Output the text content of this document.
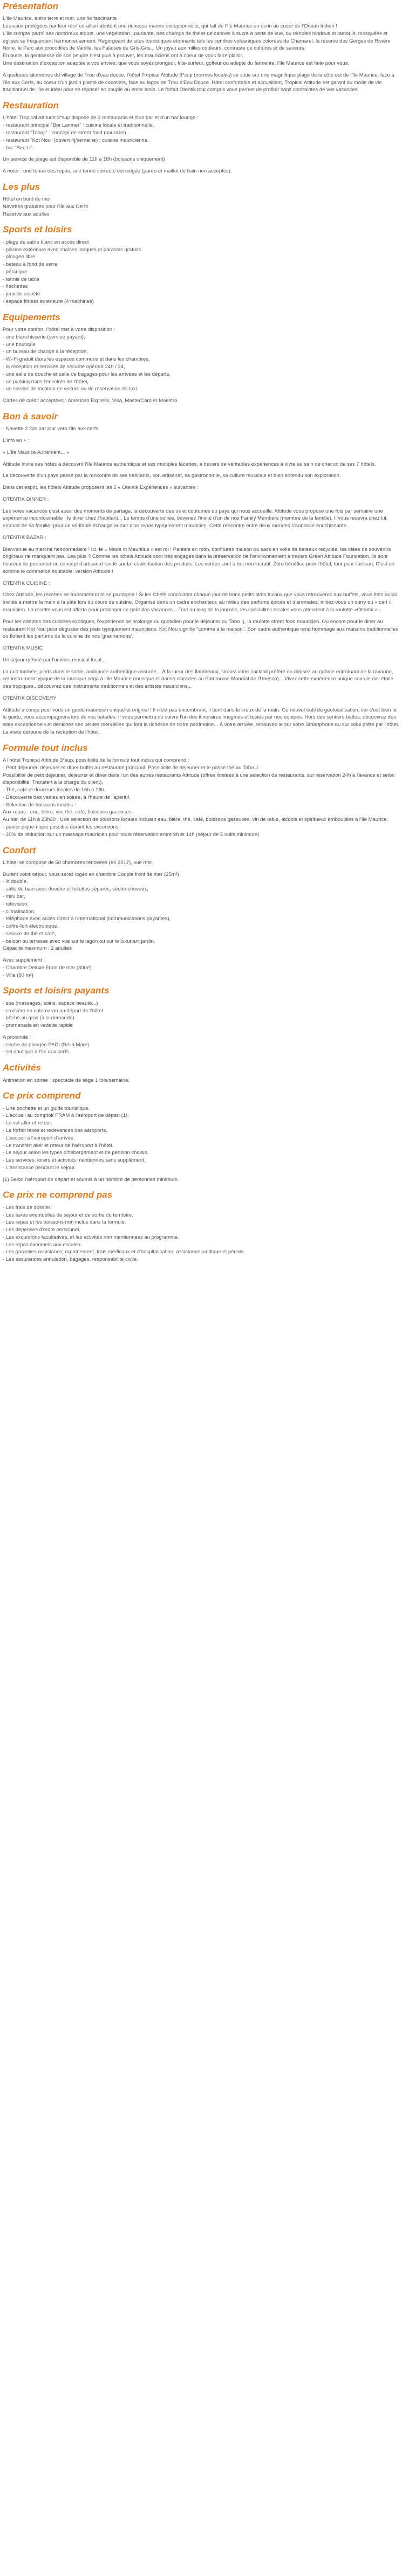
Présentation

L'île Maurice, entre terre et mer, une île fascinante !
Les eaux protégées par leur récif corallien abritent une richesse marine exceptionnelle, qui fait de l'île Maurice un écrin au coeur de l'Océan Indien !
L'île compte parmi ses nombreux atouts, une végétation luxuriante, des champs de thé et de cannes à sucre à perte de vue, ou temples hindous et tamouls, mosquées et églises se fréquentent harmonieusement. Regorgeant de sites touristiques étonnants tels les cendres volcaniques colorées de Chamarel, la réserve des Gorges de Rivière Noire, le Parc aux crocodiles de Vanille, les Falaises de Gris-Gris... Un joyau aux milles couleurs, contraste de cultures et de saveurs.
En outre, la gentillesse de son peuple n'est plus à prouver, les mauriciens ont à coeur de vous faire plaisir.
Une destination d'exception adaptée à vos envies; que vous soyez plongeur, kite-surfeur, golfeur ou adepte du farniente, l'île Maurice est faite pour vous.

A quelques kilomètres du village de Trou d'eau douce, l'hôtel Tropical Attitude 3*sup (normes locales) se situe sur une magnifique plage de la côte est de l'île Maurice, face à l'île aux Cerfs, au coeur d'un jardin planté de cocotiers, face au lagon de Trou d'Eau Douce. Hôtel confortable et accueillant, Tropical Attitude est garant du mode de vie traditionnel de l'île et idéal pour se reposer en couple ou entre amis. Le forfait Otentik tout compris vous permet de profiter sans contraintes de vos vacances.

Restauration

L'hôtel Tropical Attitude 3*sup dispose de 3 restaurants et d'un bar et d'un bar lounge :
- restaurant principal "Bor Lanmer" : cuisine locale et traditionnelle.
- restaurant "Tabaji" : concept de street food mauricien.
- restaurant "Kot Nou" (ouvert 4j/semaine) : cuisine mauricienne.
- bar "Seo U".

Un service de plage est disponible de 11h à 16h (boissons uniquement)

A noter : une tenue des repas, une tenue correcte est exigée (paréo et maillot de bain non acceptés).

Les plus

Hôtel en bord de mer
Navettes gratuites pour l'île aux Cerfs
Réservé aux adultes

Sports et loisirs

- plage de sable blanc en accès direct
- piscine extérieure avec chaises longues et parasols gratuits
- plongée libre
- bateau à fond de verre
- pétanque
- tennis de table
- fléchettes
- jeux de société
- espace fitness extérieure (4 machines)

Equipements

Pour votre confort, l'hôtel met à votre disposition :
- une blanchisserie (service payant),
- une boutique
- un bureau de change à la réception,
- Wi-Fi gratuit dans les espaces communs et dans les chambres,
- la réception et services de sécurité opérant 24h / 24,
- une salle de douche et salle de bagages pour les arrivées et les départs,
- un parking dans l'enceinte de l'hôtel,
- un service de location de voiture ou de réservation de taxi.

Cartes de crédit acceptées : American Express, Visa, MasterCard et Maestro

Bon à savoir

- Navette 2 fois par jour vers l'île aux cerfs.

L'info en + :

« L'île Maurice Autrement... »

Attitude invite ses hôtes à découvrir l'île Maurice authentique et ses multiples facettes, à travers de véritables expériences à vivre au sein de chacun de ses 7 hôtels.

La découverte d'un pays passe par la rencontre de ses habitants, son artisanat, sa gastronomie, sa culture musicale et bien entendu son exploration.

Dans cet esprit, les hôtels Attitude proposent les 5 « Otentik Experiences » suivantes :

OTENTIK DINNER :

Les voies vacances c'est aussi des moments de partage, la découverte des us et coutumes du pays qui nous accueille. Attitude vous propose une fois par semaine une expérience incontournable : le diner chez l'habitant... Le temps d'une soirée, devenez l'invité d'un de nos Family Members (membre de la famille). Il vous recevra chez lui, entouré de sa famille, pour un véritable échange autour d'un repas typiquement mauricien. Cette rencontre entre deux mondes s'annonce enrichissante...

OTENTIK BAZAR :

Bienvenue au marché hebdomadaire ! Ici, le « Made in Mauritius » est roi ! Paniers en rotin, confitures maison ou sacs en voile de bateaux recyclés, les idées de souvenirs originaux ne manquent pas. Les plus ? Comme les hôtels Attitude sont très engagés dans la préservation de l'environnement à travers Green Attitude Foundation, ils sont heureux de présenter un concept d'artisanat fondé sur la revalorisation des produits. Les ventes sont à but non lucratif. Zéro bénéfice pour l'hôtel, tout pour l'artisan. C'est en somme le commerce équitable, version Attitude !

OTENTIK CUISINE :

Chez Attitude, les recettes se transmettent et se partagent ! Si les Chefs concoctent chaque jour de bons petits plats locaux que vous retrouverez aux buffets, vous êtes aussi invités à mettre la main à la pâte lors du cours de cuisine. Organisé dans un cadre enchanteur, au milieu des parfums épicés et d'aromates, initiez-vous un curry ou « cari » mauricien. La recette vous est offerte pour prolonger ce goût des vacances... Tout au long de la journée, les spécialités locales vous attendent à la roulotte «Otentik »...

Pour les adeptes des cuisines exotiques, l'expérience se prolonge ou quotidien pour le déjeuner ou Tabo :), la roulotte street food mauricien. Ou encore pour le diner au restaurant Kot Nou pour déguster des plats typiquement mauriciens. Kot Nou signifie "comme à la maison". Son cadre authentique rend hommage aux maisons traditionnelles ou flottent les parfums de la cuisine de nos 'grannamous'.

OTENTIK MUSIC

Un séjour rythmé par l'univers musical local...

La nuit tombée, pieds dans le sable, ambiance authentique assurée... À la lueur des flambeaux, sirotez votre cocktail préféré ou dansez au rythme entraînant de la ravanne, cet instrument typique de la musique séga à l'île Maurice (musique et danse classées au Patrimoine Mondial de l'Unesco)... Vivez cette expérience unique sous le ciel étoilé des tropiques...découvrez des instruments traditionnels et des artistes mauriciens...

OTENTIK DISCOVERY

Attitude a conçu pour vous un guide mauricien unique et original ! Il n'est pas encombrant, il tient dans le creux de la main. Ce nouvel outil de géolocalisation, car c'est bien là le guide, vous accompagnera lors de vos balades. Il vous permettra de suivre l'un des itinéraires imaginés et testés par nos équipes. Hors des sentiers battus, découvrez des sites exceptionnels et dénichez ces petites merveilles qui font la richesse de notre patrimoine... À votre arrivée, retrouvez-le sur votre Smartphone ou sur celui prêté par l'hôtel. La visite déroune de la réception de l'hôtel.

Formule tout inclus

A l'hôtel Tropical Attitude 3*sup, possibilité de la formule tout inclus qui comprend :
- Petit déjeuner, déjeuner et dîner buffet au restaurant principal. Possibilité de déjeuner et le passé thé au Tabo J.
Possibilité de petit déjeuner, déjeuner et dîner dans l'un des autres restaurants Attitude (offres limitées à une sélection de restaurants, sur réservation 24h à l'avance et selon disponibilité. Transfert à la charge du client).
- Thé, café et douceurs locales de 16h à 18h.
- Découverte des vaines en soirée, à l'heure de l'apéritif.
- Sélection de boissons locales :
Aux repas : eau, bière, vin, thé, café, boissons gazeuses.
Au bar, de 11h à 23h30 : Une sélection de boissons locales incluant eau, bière, thé, café, boissons gazeuses, vin de table, alcools et spiritueux emboutillés à l'île Maurice.
- panier pique-nique possible durant les excursions.
- 20% de réduction sur un massage mauricien pour toute réservation entre 9h et 14h (séjour de 5 nuits minimum)

Confort

L'hôtel se compose de 58 chambres rénovées (en 2017), vue mer.

Durant votre séjour, vous serez logés en chambre Couple front de mer (25m²)
- lit double,
- salle de bain avec douche et toilettes séparés, sèche-cheveux,
- mini bar,
- télévision,
- climatisation,
- téléphone avec accès direct à l'international (communications payantes),
- coffre-fort électronique,
- service de thé et café,
- balcon ou terrasse avec vue sur le lagon ou sur le luxuriant jardin.
Capacité maximum : 2 adultes

Avec supplément :
- Chambre Deluxe Front de mer (30m²)
- Villa (60 m²)

Sports et loisirs payants

- spa (massages, soins, espace beauté...)
- croisière en catamaran au départ de l'hôtel
- pêche au gros (à la demande)
- promenade en vedette rapide

A proximité :
- centre de plongée PADI (Bella Mare)
- ski nautique à l'île aux cerfs.

Activités

Animation en soirée : spectacle de séga 1 fois/semaine.

Ce prix comprend

- Une pochette et un guide touristique.
- L'accueil au comptoir FRAM à l'aéroport de départ (1).
- Le vol aller et retour.
- Le forfait taxes et redevances des aéroports.
- L'accueil à l'aéroport d'arrivée.
- Le transfert aller et retour de l'aéroport à l'hôtel.
- Le séjour selon les types d'hébergement et de pension choisis.
- Les services, loisirs et activités mentionnés sans supplément.
- L'assistance pendant le séjour.

(1) Selon l'aéroport de départ et soumis à un nombre de personnes minimum.

Ce prix ne comprend pas

- Les frais de dossier.
- Les taxes éventuelles de séjour et de sortie du territoire.
- Les repas et les boissons non inclus dans la formule.
- Les dépenses d'ordre personnel.
- Les excursions facultatives, et les activités non mentionnées au programme.
- Les repas éventuels aux escales.
- Les garanties assistance, rapatriement, frais médicaux et d'hospitalisation, assistance juridique et pénale.
- Les assurances annulation, bagages, responsabilité civile.
